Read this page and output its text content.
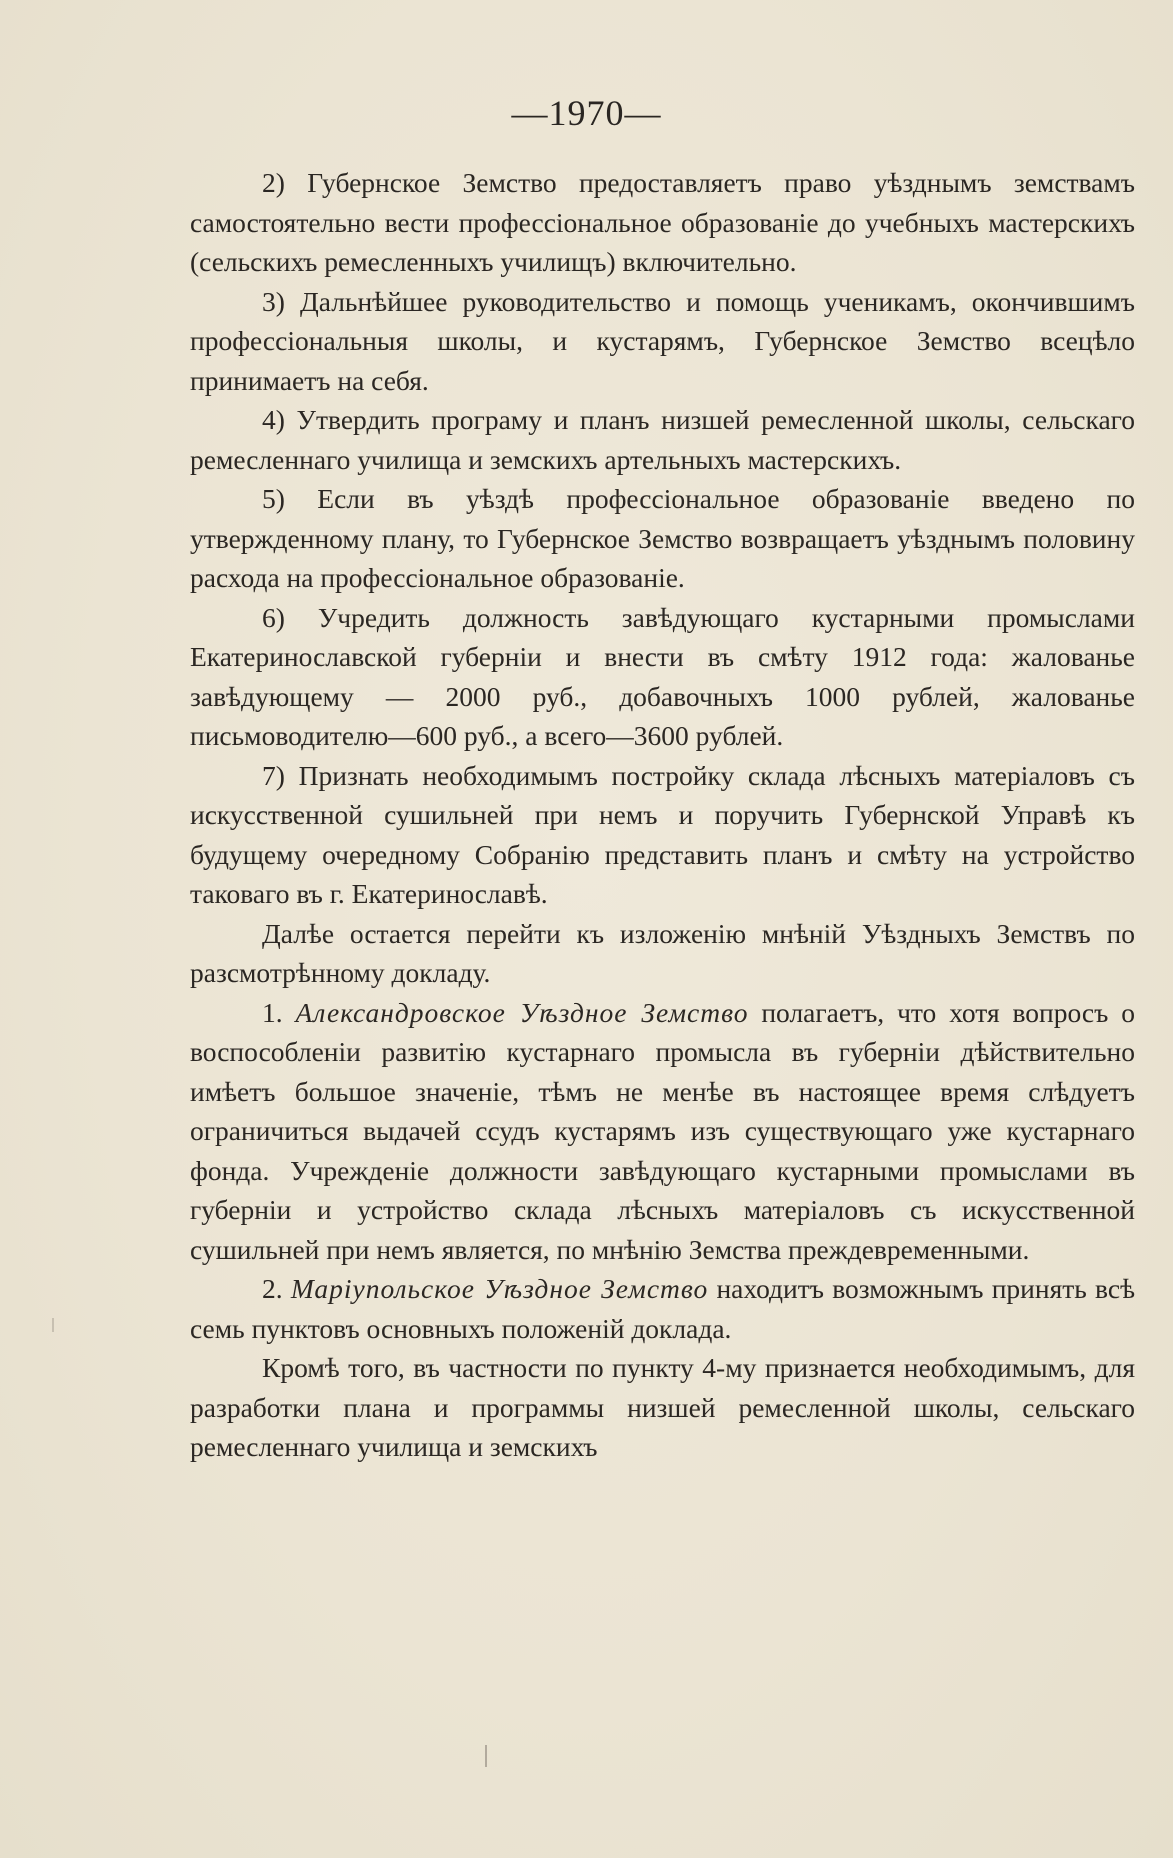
—1970—

2) Губернское Земство предоставляетъ право уѣзднымъ земствамъ самостоятельно вести профессіональное образованіе до учебныхъ мастерскихъ (сельскихъ ремесленныхъ училищъ) включительно.

3) Дальнѣйшее руководительство и помощь ученикамъ, окончившимъ профессіональныя школы, и кустарямъ, Губернское Земство всецѣло принимаетъ на себя.

4) Утвердить програму и планъ низшей ремесленной школы, сельскаго ремесленнаго училища и земскихъ артельныхъ мастерскихъ.

5) Если въ уѣздѣ профессіональное образованіе введено по утвержденному плану, то Губернское Земство возвращаетъ уѣзднымъ половину расхода на профессіональное образованіе.

6) Учредить должность завѣдующаго кустарными промыслами Екатеринославской губерніи и внести въ смѣту 1912 года: жалованье завѣдующему — 2000 руб., добавочныхъ 1000 рублей, жалованье письмоводителю—600 руб., а всего—3600 рублей.

7) Признать необходимымъ постройку склада лѣсныхъ матеріаловъ съ искусственной сушильней при немъ и поручить Губернской Управѣ къ будущему очередному Собранію представить планъ и смѣту на устройство таковаго въ г. Екатеринославѣ.

Далѣе остается перейти къ изложенію мнѣній Уѣздныхъ Земствъ по разсмотрѣнному докладу.

1. Александровское Уѣздное Земство полагаетъ, что хотя вопросъ о воспособленіи развитію кустарнаго промысла въ губерніи дѣйствительно имѣетъ большое значеніе, тѣмъ не менѣе въ настоящее время слѣдуетъ ограничиться выдачей ссудъ кустарямъ изъ существующаго уже кустарнаго фонда. Учрежденіе должности завѣдующаго кустарными промыслами въ губерніи и устройство склада лѣсныхъ матеріаловъ съ искусственной сушильней при немъ является, по мнѣнію Земства преждевременными.

2. Маріупольское Уѣздное Земство находитъ возможнымъ принять всѣ семь пунктовъ основныхъ положеній доклада.

Кромѣ того, въ частности по пункту 4-му признается необходимымъ, для разработки плана и программы низшей ремесленной школы, сельскаго ремесленнаго училища и земскихъ
